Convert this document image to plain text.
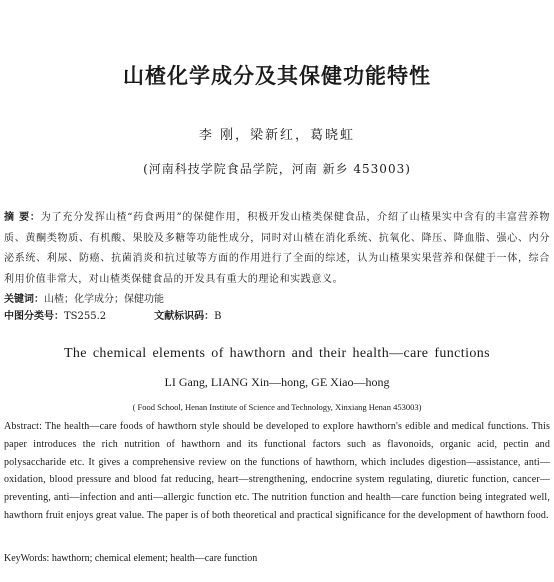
山楂化学成分及其保健功能特性
李 刚，梁新红，葛晓虹
(河南科技学院食品学院，河南 新乡 453003)
摘 要：为了充分发挥山楂“药食两用”的保健作用，积极开发山楂类保健食品，介绍了山楂果实中含有的丰富营养物质、黄酮类物质、有机酸、果胶及多糖等功能性成分，同时对山楂在消化系统、抗氧化、降压、降血脂、强心、内分泌系统、利尿、防癌、抗菌消炎和抗过敏等方面的作用进行了全面的综述，认为山楂果实果营养和保健于一体，综合利用价值非常大，对山楂类保健食品的开发具有重大的理论和实践意义。
关键词：山楂；化学成分；保健功能
中图分类号：TS255.2	文献标识码：B
The chemical elements of hawthorn and their health—care functions
LI Gang, LIANG Xin—hong, GE Xiao—hong
( Food School, Henan Institute of Science and Technology, Xinxiang Henan 453003)
Abstract: The health—care foods of hawthorn style should be developed to explore hawthorn's edible and medical functions. This paper introduces the rich nutrition of hawthorn and its functional factors such as flavonoids, organic acid, pectin and polysaccharide etc. It gives a comprehensive review on the functions of hawthorn, which includes digestion—assistance, anti—oxidation, blood pressure and blood fat reducing, heart—strengthening, endocrine system regulating, diuretic function, cancer—preventing, anti—infection and anti—allergic function etc. The nutrition function and health—care function being integrated well, hawthorn fruit enjoys great value. The paper is of both theoretical and practical significance for the development of hawthorn food.
KeyWords: hawthorn; chemical element; health—care function
